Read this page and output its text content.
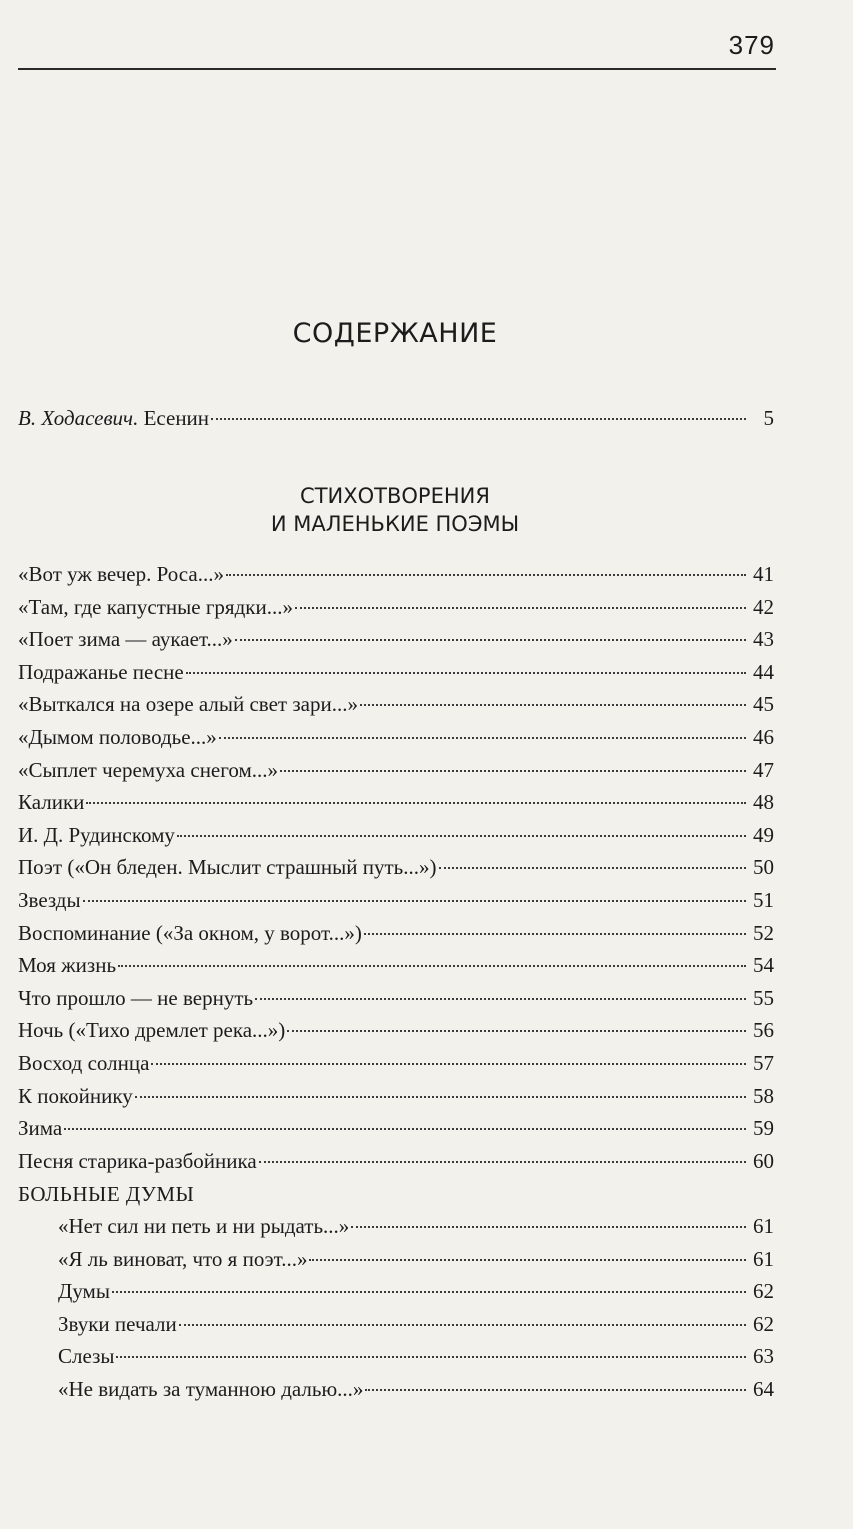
379
СОДЕРЖАНИЕ
В. Ходасевич. Есенин	5
СТИХОТВОРЕНИЯ
И МАЛЕНЬКИЕ ПОЭМЫ
«Вот уж вечер. Роса...»	41
«Там, где капустные грядки...»	42
«Поет зима — аукает...»	43
Подражанье песне	44
«Выткался на озере алый свет зари...»	45
«Дымом половодье...»	46
«Сыплет черемуха снегом...»	47
Калики	48
И. Д. Рудинскому	49
Поэт («Он бледен. Мыслит страшный путь...»)	50
Звезды	51
Воспоминание («За окном, у ворот...»)	52
Моя жизнь	54
Что прошло — не вернуть	55
Ночь («Тихо дремлет река...»)	56
Восход солнца	57
К покойнику	58
Зима	59
Песня старика-разбойника	60
БОЛЬНЫЕ ДУМЫ
«Нет сил ни петь и ни рыдать...»	61
«Я ль виноват, что я поэт...»	61
Думы	62
Звуки печали	62
Слезы	63
«Не видать за туманною далью...»	64
